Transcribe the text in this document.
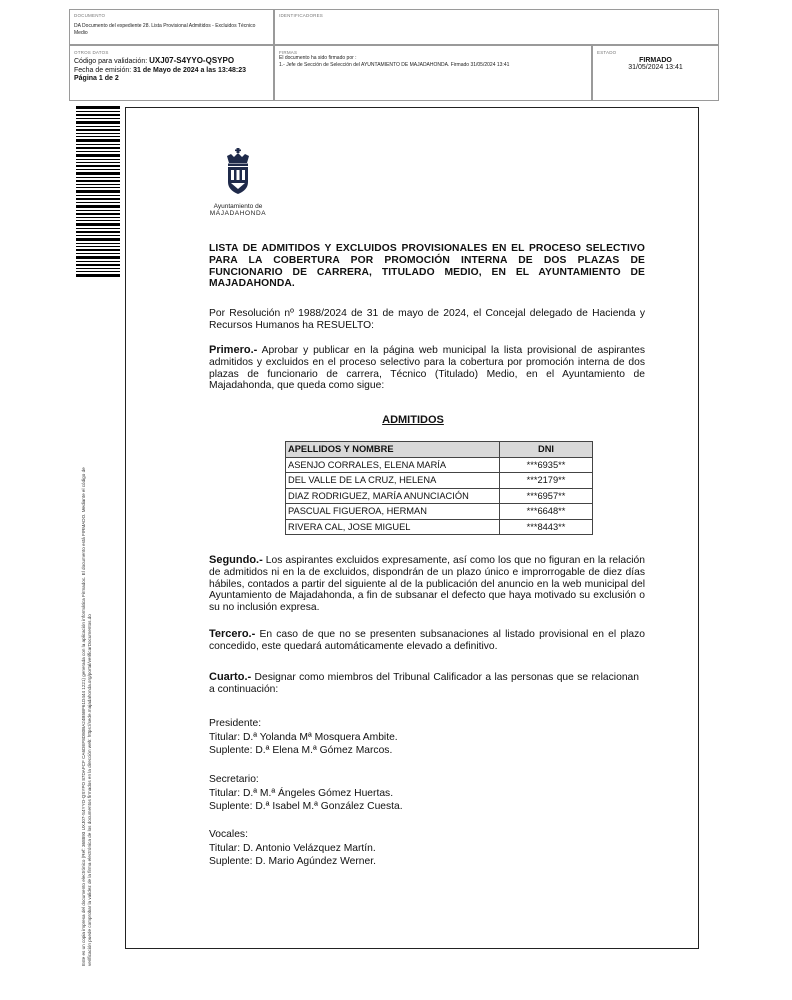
DOCUMENTO
DA Documento del expediente 28. Lista Provisional Admitidos - Excluidos Técnico Medio
IDENTIFICADORES
OTROS DATOS
Código para validación: UXJ07-S4YYO-QSYPO
Fecha de emisión: 31 de Mayo de 2024 a las 13:48:23
Página 1 de 2
FIRMAS
El documento ha sido firmado por :
1.- Jefe de Sección de Selección del AYUNTAMIENTO DE MAJADAHONDA. Firmado 31/05/2024 13:41
ESTADO
FIRMADO
31/05/2024 13:41
Este es un copia impresa del documento electrónico (Ref: 368893 UXJ07-S4YYO-QSYPO 87DAFCF CA6DEF8D80BA24B5BF61D444 1221) generada con la aplicación informática Firmadoc. El documento está FIRMADO. Mediante el código de verificación puede comprobar la validez de la firma electrónica de los documentos firmados en la dirección web: https://sede.majadahonda.org/portal/verificarDocumentos.do
Ayuntamiento de
MAJADAHONDA
LISTA DE ADMITIDOS Y EXCLUIDOS PROVISIONALES EN EL PROCESO SELECTIVO PARA LA COBERTURA POR PROMOCIÓN INTERNA DE DOS PLAZAS DE FUNCIONARIO DE CARRERA, TITULADO MEDIO, EN EL AYUNTAMIENTO DE MAJADAHONDA.
Por Resolución nº 1988/2024 de 31 de mayo de 2024, el Concejal delegado de Hacienda y Recursos Humanos ha RESUELTO:
Primero.- Aprobar y publicar en la página web municipal la lista provisional de aspirantes admitidos y excluidos en el proceso selectivo para la cobertura por promoción interna de dos plazas de funcionario de carrera, Técnico (Titulado) Medio, en el Ayuntamiento de Majadahonda, que queda como sigue:
ADMITIDOS
APELLIDOS Y NOMBRE	DNI
ASENJO CORRALES, ELENA MARÍA	***6935**
DEL VALLE DE LA CRUZ, HELENA	***2179**
DIAZ RODRIGUEZ, MARÍA ANUNCIACIÓN	***6957**
PASCUAL FIGUEROA, HERMAN	***6648**
RIVERA CAL, JOSE MIGUEL	***8443**
Segundo.- Los aspirantes excluidos expresamente, así como los que no figuran en la relación de admitidos ni en la de excluidos, dispondrán de un plazo único e improrrogable de diez días hábiles, contados a partir del siguiente al de la publicación del anuncio en la web municipal del Ayuntamiento de Majadahonda, a fin de subsanar el defecto que haya motivado su exclusión o su no inclusión expresa.
Tercero.- En caso de que no se presenten subsanaciones al listado provisional en el plazo concedido, este quedará automáticamente elevado a definitivo.
Cuarto.- Designar como miembros del Tribunal Calificador a las personas que se relacionan a continuación:
Presidente:
Titular: D.ª Yolanda Mª Mosquera Ambite.
Suplente: D.ª Elena M.ª Gómez Marcos.
Secretario:
Titular: D.ª M.ª Ángeles Gómez Huertas.
Suplente: D.ª Isabel M.ª González Cuesta.
Vocales:
Titular: D. Antonio Velázquez Martín.
Suplente: D. Mario Agúndez Werner.
